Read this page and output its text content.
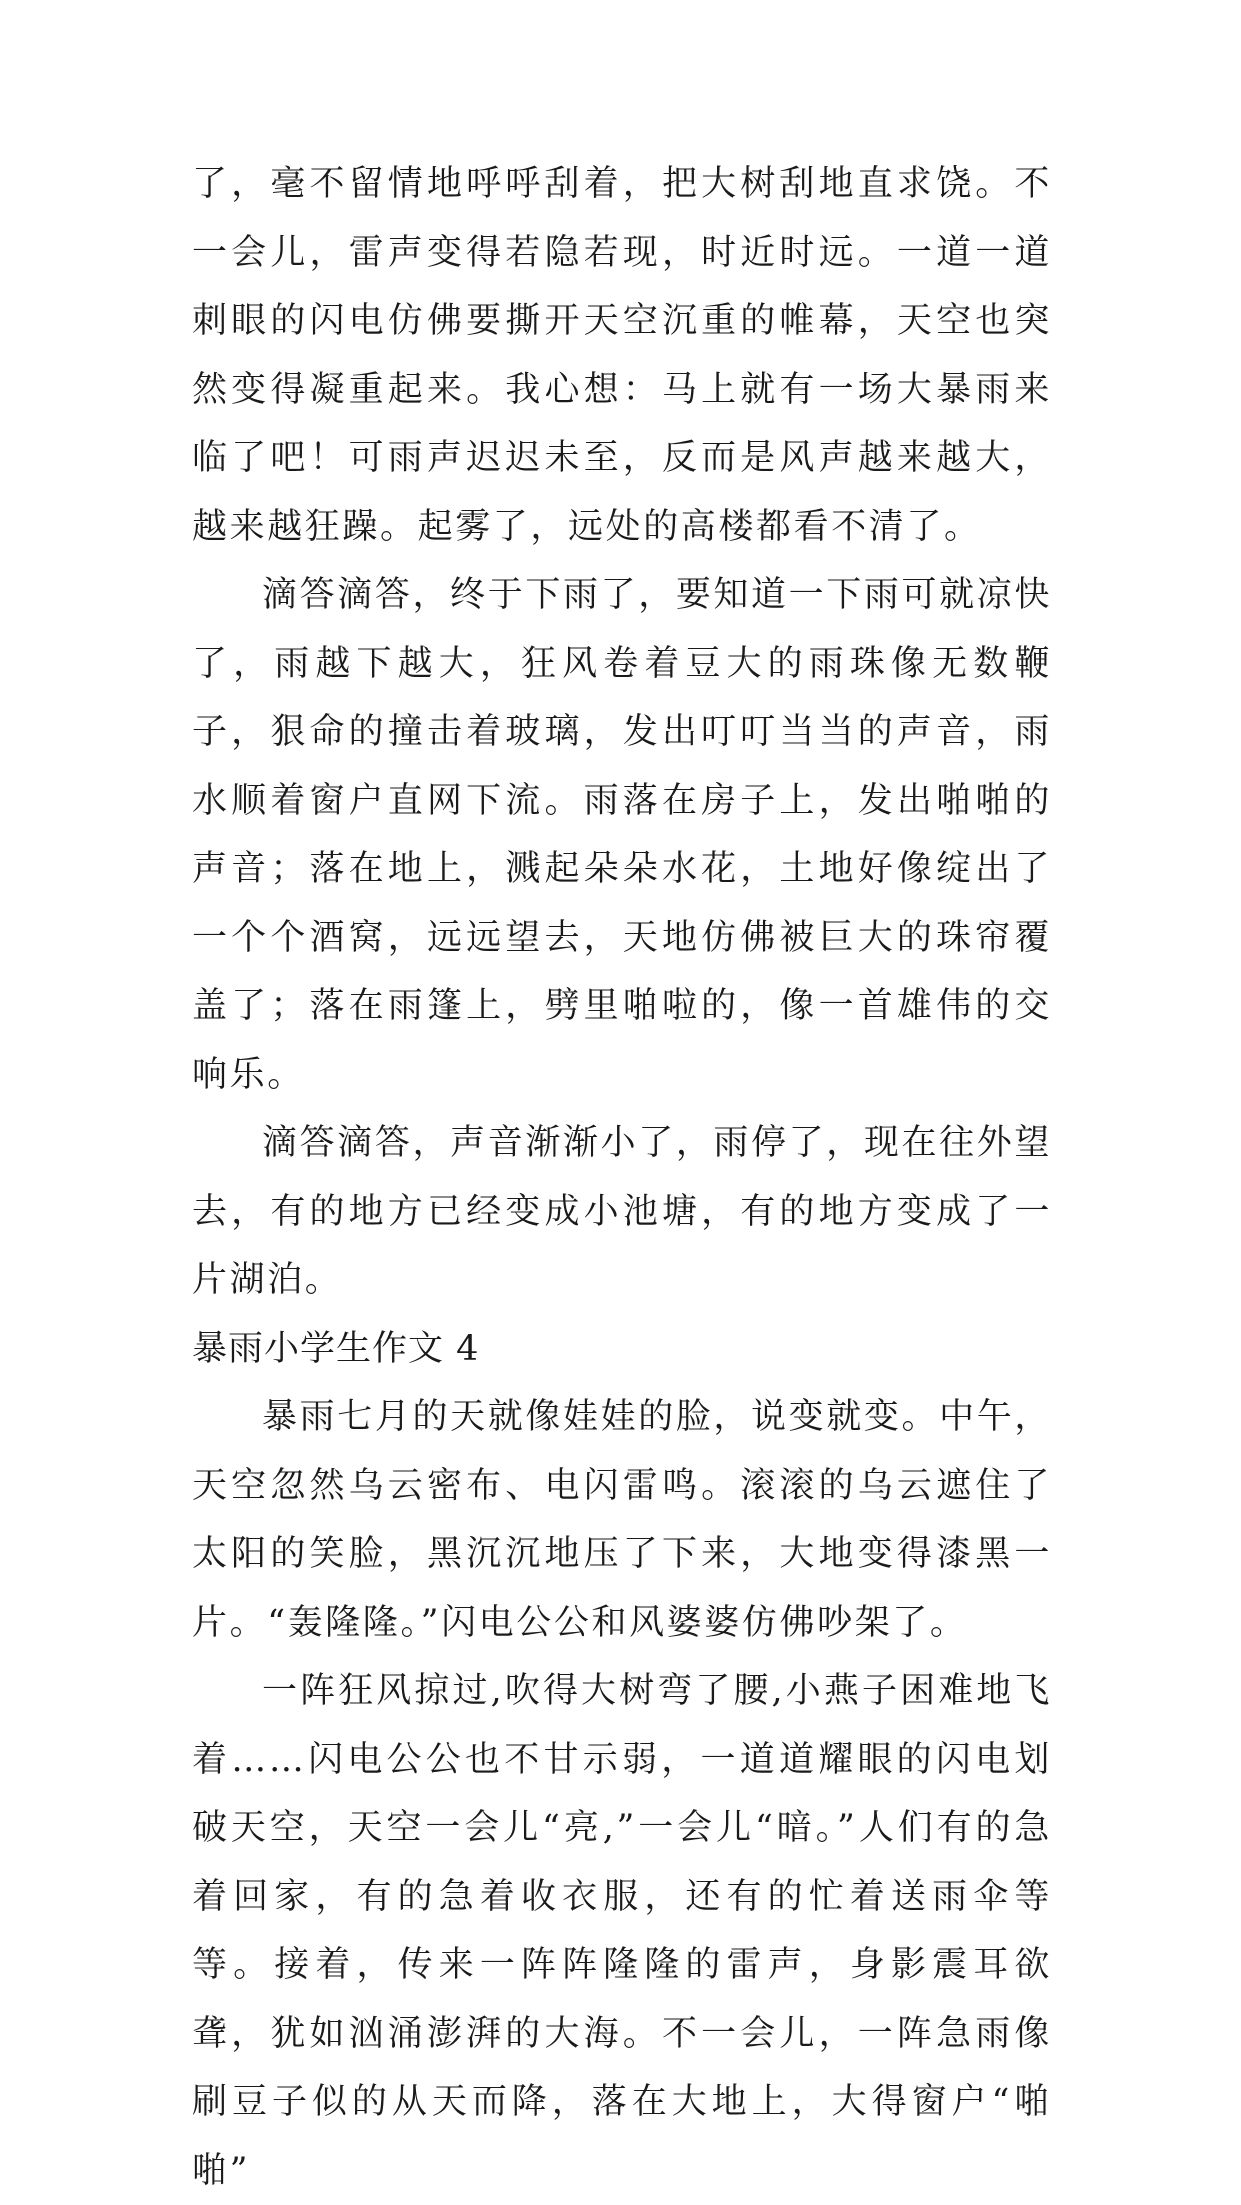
了，毫不留情地呼呼刮着，把大树刮地直求饶。不一会儿，雷声变得若隐若现，时近时远。一道一道刺眼的闪电仿佛要撕开天空沉重的帷幕，天空也突然变得凝重起来。我心想：马上就有一场大暴雨来临了吧！可雨声迟迟未至，反而是风声越来越大，越来越狂躁。起雾了，远处的高楼都看不清了。

滴答滴答，终于下雨了，要知道一下雨可就凉快了，雨越下越大，狂风卷着豆大的雨珠像无数鞭子，狠命的撞击着玻璃，发出叮叮当当的声音，雨水顺着窗户直网下流。雨落在房子上，发出啪啪的声音；落在地上，溅起朵朵水花，土地好像绽出了一个个酒窝，远远望去，天地仿佛被巨大的珠帘覆盖了；落在雨篷上，劈里啪啦的，像一首雄伟的交响乐。

滴答滴答，声音渐渐小了，雨停了，现在往外望去，有的地方已经变成小池塘，有的地方变成了一片湖泊。

暴雨小学生作文 4

暴雨七月的天就像娃娃的脸，说变就变。中午，天空忽然乌云密布、电闪雷鸣。滚滚的乌云遮住了太阳的笑脸，黑沉沉地压了下来，大地变得漆黑一片。“轰隆隆。”闪电公公和风婆婆仿佛吵架了。

一阵狂风掠过,吹得大树弯了腰,小燕子困难地飞着……闪电公公也不甘示弱，一道道耀眼的闪电划破天空，天空一会儿“亮,”一会儿“暗。”人们有的急着回家，有的急着收衣服，还有的忙着送雨伞等等。接着，传来一阵阵隆隆的雷声，身影震耳欲聋，犹如汹涌澎湃的大海。不一会儿，一阵急雨像刷豆子似的从天而降，落在大地上，大得窗户“啪啪”
